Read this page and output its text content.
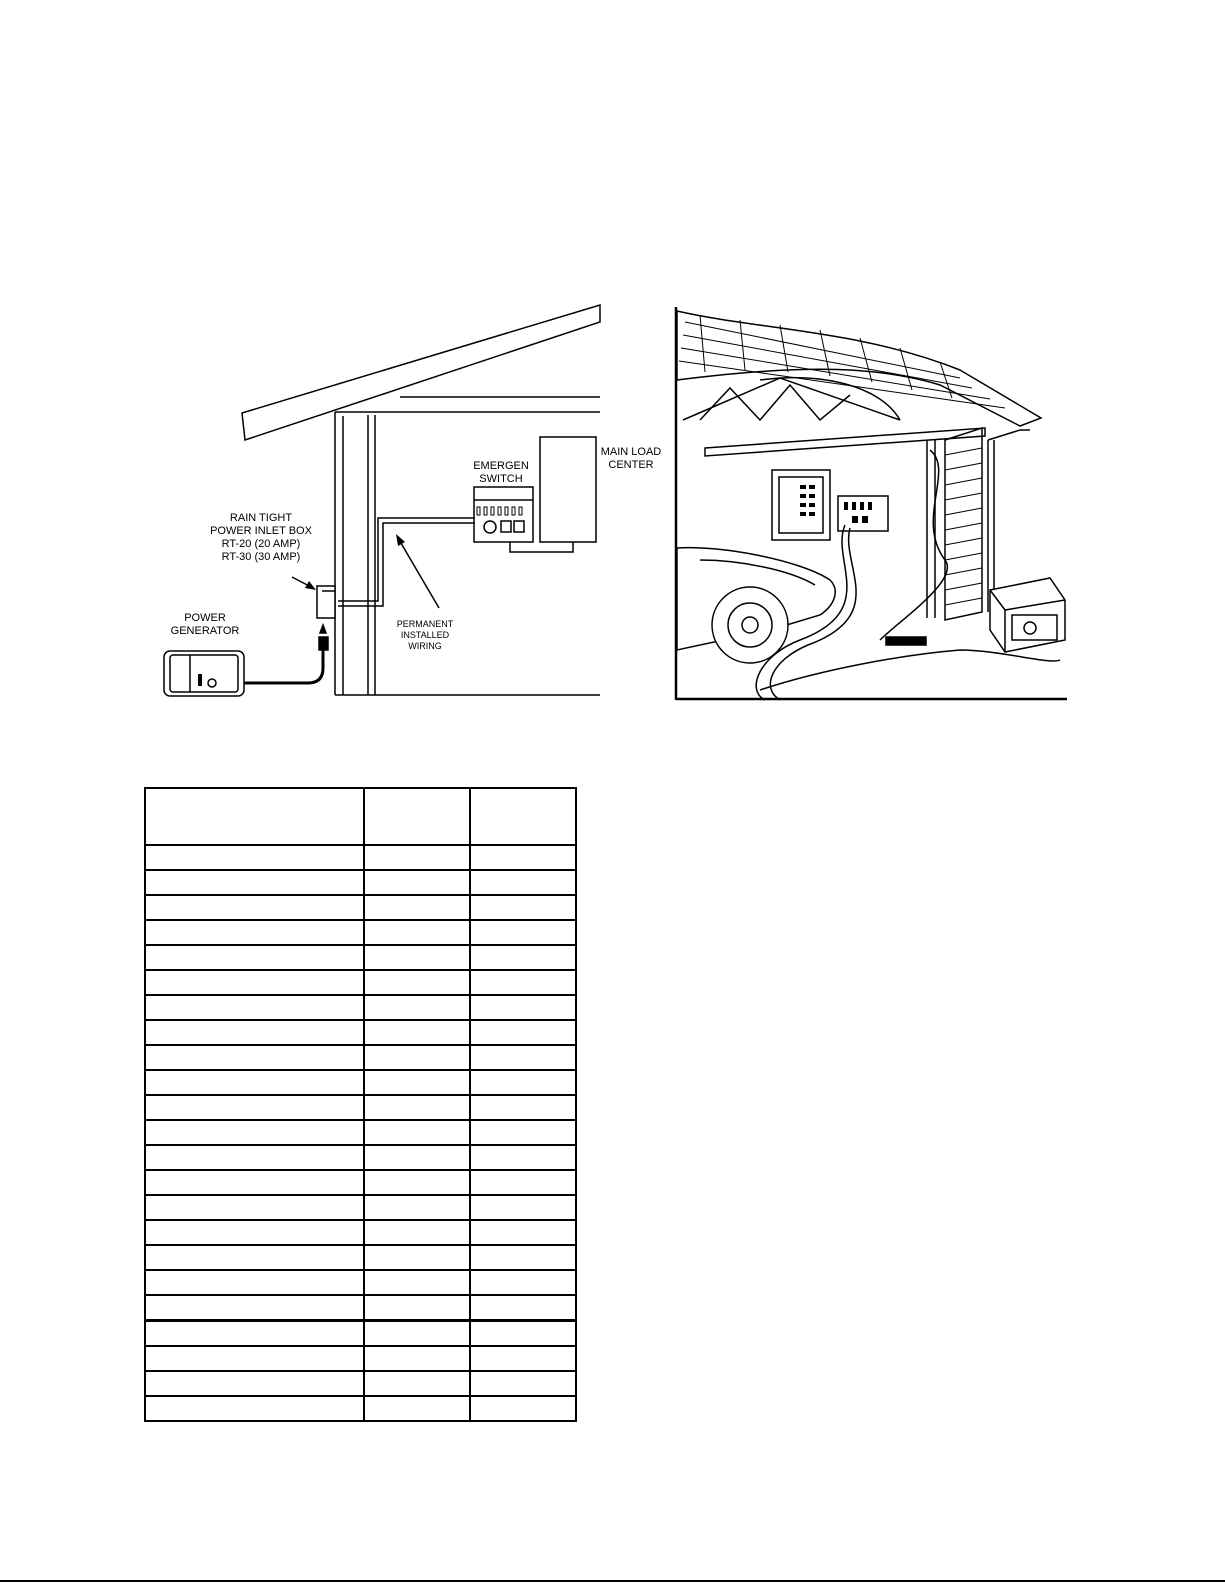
RAIN TIGHT
POWER INLET BOX
RT-20 (20 AMP)
RT-30 (30 AMP)
POWER
GENERATOR
EMERGEN
SWITCH
MAIN LOAD
CENTER
PERMANENT
INSTALLED
WIRING
